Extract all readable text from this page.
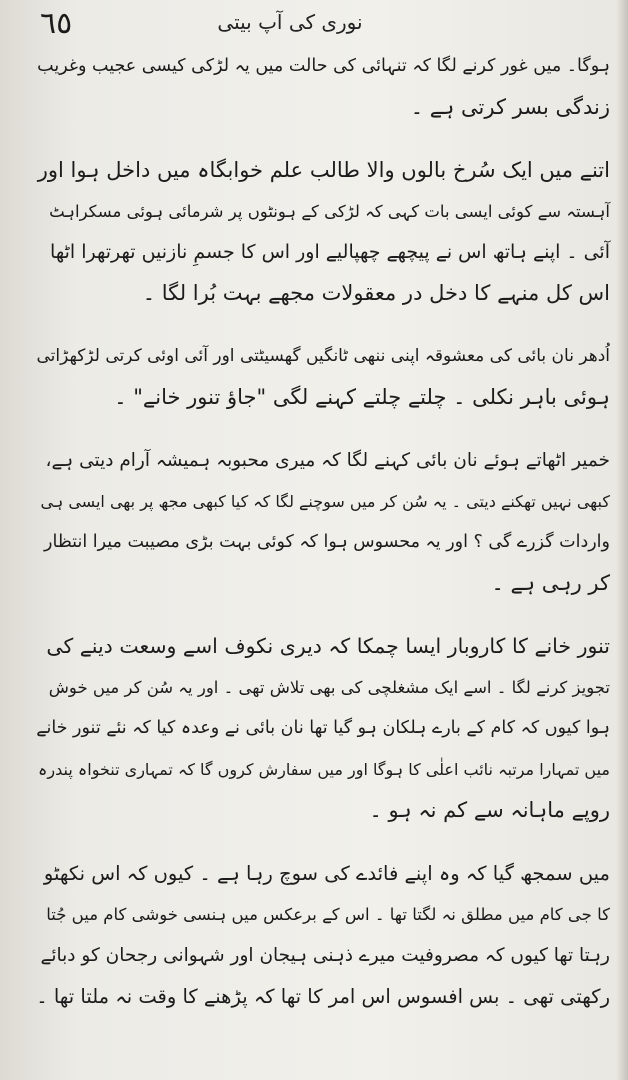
٦٥	نوری کی آپ بیتی

ہوگا۔ میں غور کرنے لگا کہ تنہائی کی حالت میں یہ لڑکی کیسی عجیب وغریب
زندگی بسر کرتی ہے ۔

اتنے میں ایک سُرخ بالوں والا طالب علم خوابگاہ میں داخل ہوا اور
آہستہ سے کوئی ایسی بات کہی کہ لڑکی کے ہونٹوں پر شرمائی ہوئی مسکراہٹ
آئی ۔ اپنے ہاتھ اس نے پیچھے چھپالیے اور اس کا جسمِ نازنیں تھرتھرا اٹھا
اس کل منہے کا دخل در معقولات مجھے بہت بُرا لگا ۔

اُدھر نان بائی کی معشوقہ اپنی ننھی ٹانگیں گھسیٹتی اور آئی اوئی کرتی لڑکھڑاتی
ہوئی باہر نکلی ۔ چلتے چلتے کہنے لگی "جاؤ تنور خانے" ۔

خمیر اٹھاتے ہوئے نان بائی کہنے لگا کہ میری محبوبہ ہمیشہ آرام دیتی ہے،
کبھی نہیں تھکنے دیتی ۔ یہ سُن کر میں سوچنے لگا کہ کیا کبھی مجھ پر بھی ایسی ہی
واردات گزرے گی ؟ اور یہ محسوس ہوا کہ کوئی بہت بڑی مصیبت میرا انتظار
کر رہی ہے ۔

تنور خانے کا کاروبار ایسا چمکا کہ دیری نکوف اسے وسعت دینے کی
تجویز کرنے لگا ۔ اسے ایک مشغلچی کی بھی تلاش تھی ۔ اور یہ سُن کر میں خوش
ہوا کیوں کہ کام کے بارے ہلکان ہو گیا تھا نان بائی نے وعدہ کیا کہ نئے تنور خانے
میں تمہارا مرتبہ نائب اعلٰی کا ہوگا اور میں سفارش کروں گا کہ تمہاری تنخواہ پندرہ
روپے ماہانہ سے کم نہ ہو ۔

میں سمجھ گیا کہ وہ اپنے فائدے کی سوچ رہا ہے ۔ کیوں کہ اس نکھٹو
کا جی کام میں مطلق نہ لگتا تھا ۔ اس کے برعکس میں ہنسی خوشی کام میں جُتا
رہتا تھا کیوں کہ مصروفیت میرے ذہنی ہیجان اور شہوانی رجحان کو دبائے
رکھتی تھی ۔ بس افسوس اس امر کا تھا کہ پڑھنے کا وقت نہ ملتا تھا ۔
